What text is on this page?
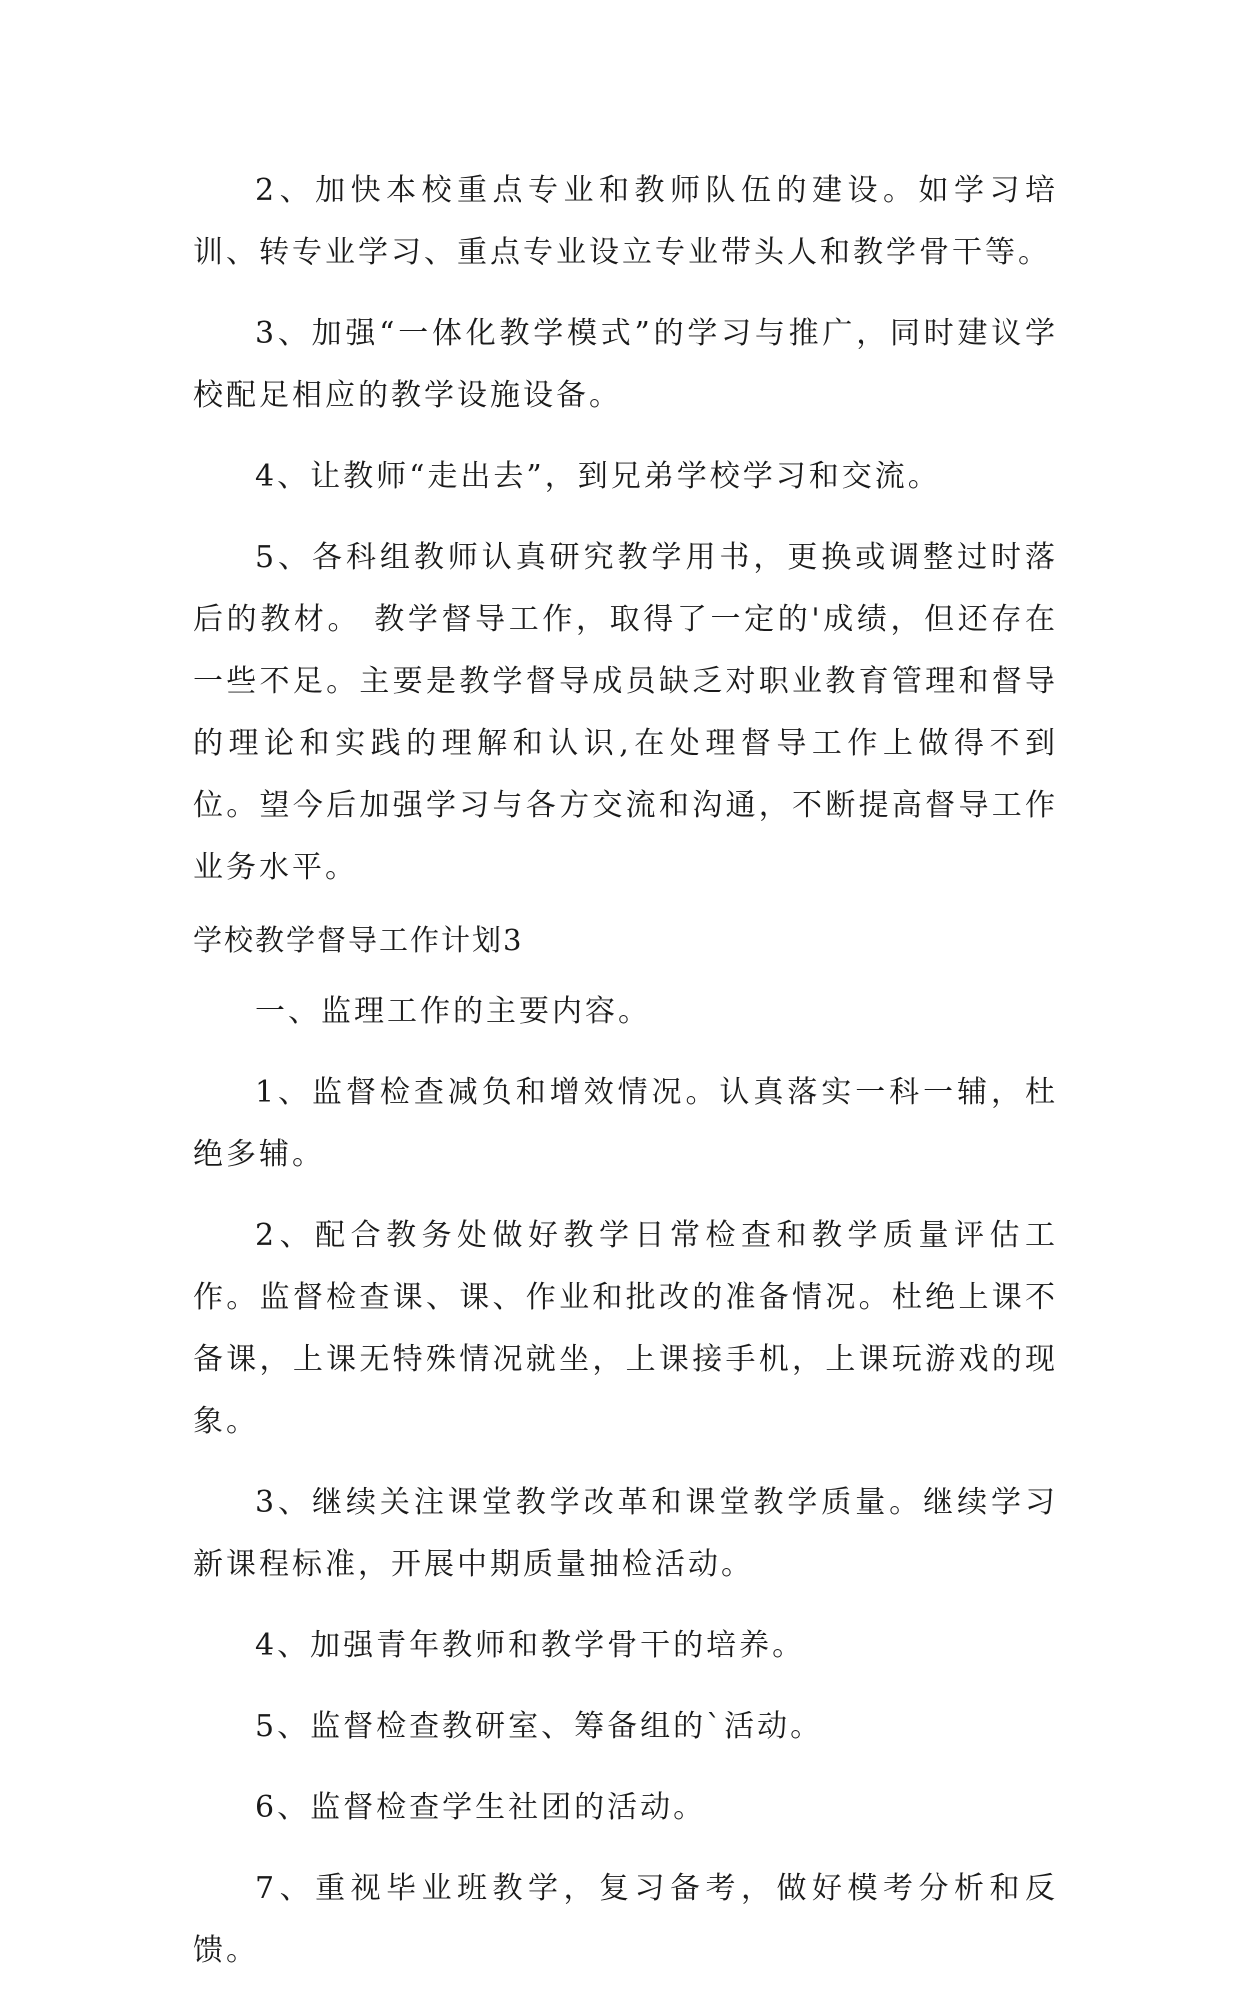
2、加快本校重点专业和教师队伍的建设。如学习培训、转专业学习、重点专业设立专业带头人和教学骨干等。

3、加强“一体化教学模式”的学习与推广，同时建议学校配足相应的教学设施设备。

4、让教师“走出去”，到兄弟学校学习和交流。

5、各科组教师认真研究教学用书，更换或调整过时落后的教材。 教学督导工作，取得了一定的'成绩，但还存在一些不足。主要是教学督导成员缺乏对职业教育管理和督导的理论和实践的理解和认识,在处理督导工作上做得不到位。望今后加强学习与各方交流和沟通，不断提高督导工作业务水平。

学校教学督导工作计划3

一、监理工作的主要内容。

1、监督检查减负和增效情况。认真落实一科一辅，杜绝多辅。

2、配合教务处做好教学日常检查和教学质量评估工作。监督检查课、课、作业和批改的准备情况。杜绝上课不备课，上课无特殊情况就坐，上课接手机，上课玩游戏的现象。

3、继续关注课堂教学改革和课堂教学质量。继续学习新课程标准，开展中期质量抽检活动。

4、加强青年教师和教学骨干的培养。

5、监督检查教研室、筹备组的`活动。

6、监督检查学生社团的活动。

7、重视毕业班教学，复习备考，做好模考分析和反馈。
